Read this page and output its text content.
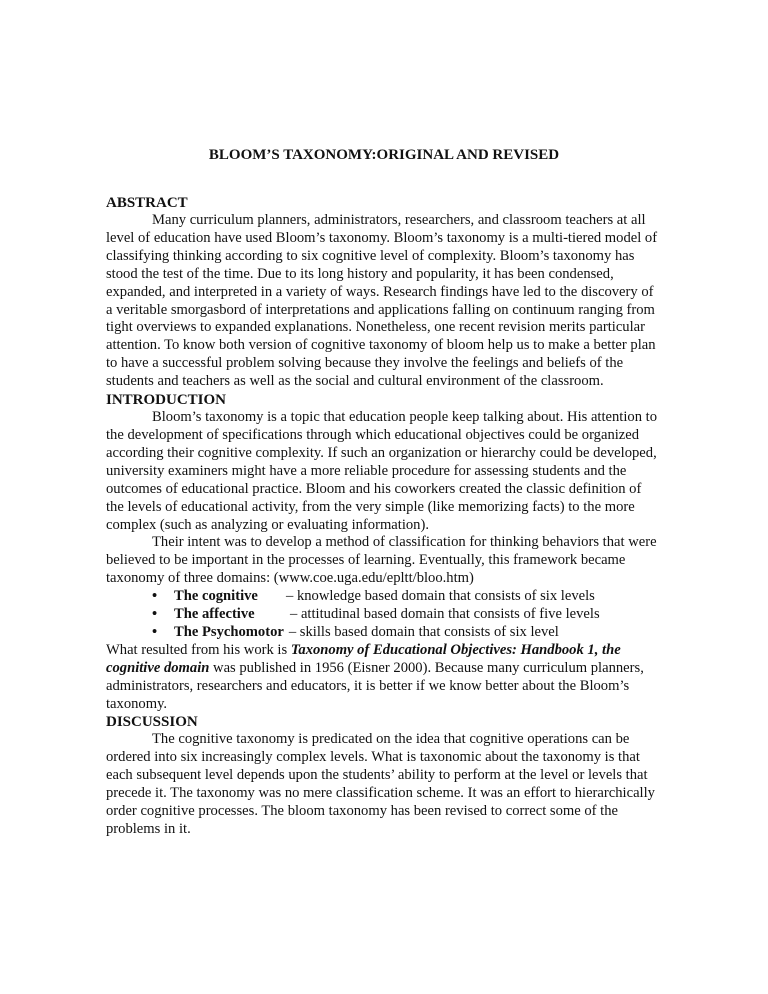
BLOOM’S TAXONOMY:ORIGINAL AND REVISED

ABSTRACT

Many curriculum planners, administrators, researchers, and classroom teachers at all level of education have used Bloom’s taxonomy. Bloom’s taxonomy is a multi-tiered model of classifying thinking according to six cognitive level of complexity. Bloom’s taxonomy has stood the test of the time. Due to its long history and popularity, it has been condensed, expanded, and interpreted in a variety of ways. Research findings have led to the discovery of a veritable smorgasbord of interpretations and applications falling on continuum ranging from tight overviews to expanded explanations. Nonetheless, one recent revision merits particular attention. To know both version of cognitive taxonomy of bloom help us to make a better plan to have a successful problem solving because they involve the feelings and beliefs of the students and teachers as well as the social and cultural environment of the classroom.

INTRODUCTION

Bloom’s taxonomy is a topic that education people keep talking about. His attention to the development of specifications through which educational objectives could be organized according their cognitive complexity. If such an organization or hierarchy could be developed, university examiners might have a more reliable procedure for assessing students and the outcomes of educational practice. Bloom and his coworkers created the classic definition of the levels of educational activity, from the very simple (like memorizing facts) to the more complex (such as analyzing or evaluating information).

Their intent was to develop a method of classification for thinking behaviors that were believed to be important in the processes of learning. Eventually, this framework became taxonomy of three domains: (www.coe.uga.edu/epltt/bloo.htm)

•	The cognitive	– knowledge based domain that consists of six levels
•	The affective	– attitudinal based domain that consists of five levels
•	The Psychomotor – skills based domain that consists of six level

What resulted from his work is Taxonomy of Educational Objectives: Handbook 1, the cognitive domain was published in 1956 (Eisner 2000). Because many curriculum planners, administrators, researchers and educators, it is better if we know better about the Bloom’s taxonomy.

DISCUSSION

The cognitive taxonomy is predicated on the idea that cognitive operations can be ordered into six increasingly complex levels. What is taxonomic about the taxonomy is that each subsequent level depends upon the students’ ability to perform at the level or levels that precede it. The taxonomy was no mere classification scheme. It was an effort to hierarchically order cognitive processes. The bloom taxonomy has been revised to correct some of the problems in it.
